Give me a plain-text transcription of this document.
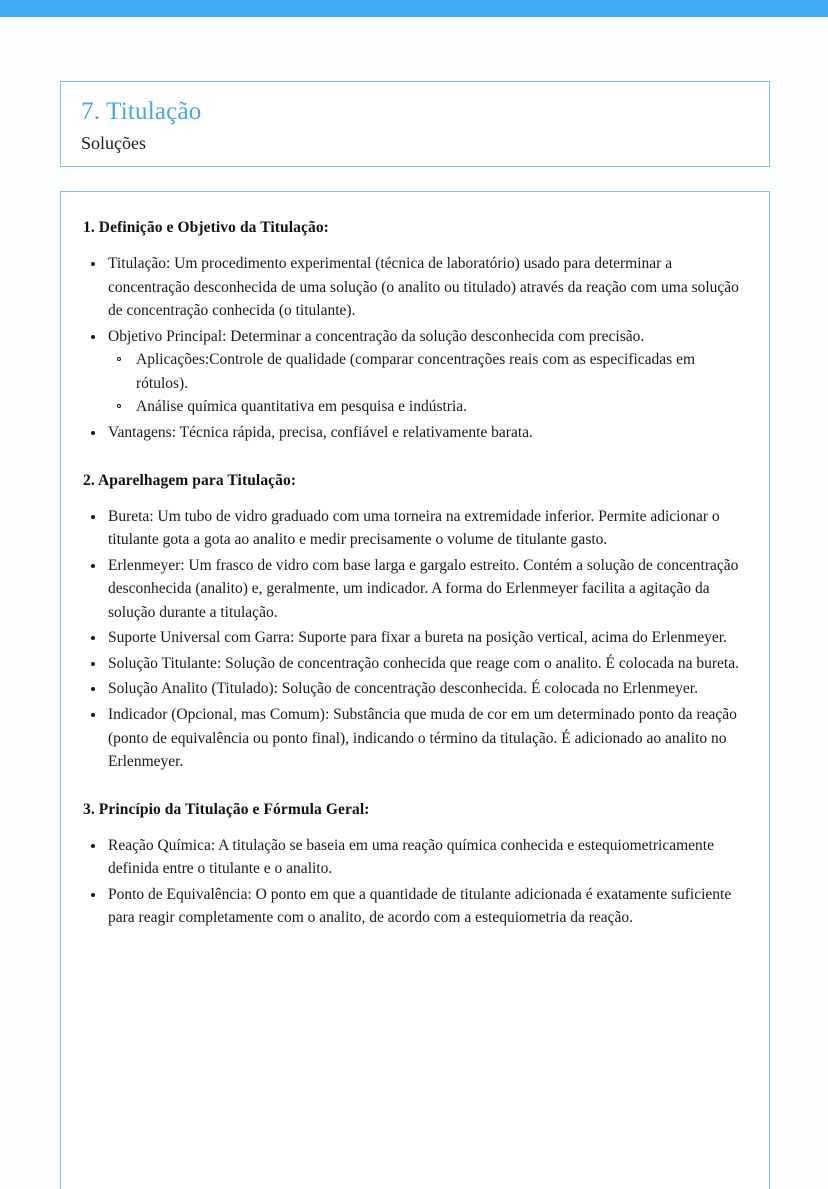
7. Titulação

Soluções

1. Definição e Objetivo da Titulação:
Titulação: Um procedimento experimental (técnica de laboratório) usado para determinar a concentração desconhecida de uma solução (o analito ou titulado) através da reação com uma solução de concentração conhecida (o titulante).
Objetivo Principal: Determinar a concentração da solução desconhecida com precisão.
Aplicações:Controle de qualidade (comparar concentrações reais com as especificadas em rótulos).
Análise química quantitativa em pesquisa e indústria.
Vantagens: Técnica rápida, precisa, confiável e relativamente barata.
2. Aparelhagem para Titulação:
Bureta: Um tubo de vidro graduado com uma torneira na extremidade inferior. Permite adicionar o titulante gota a gota ao analito e medir precisamente o volume de titulante gasto.
Erlenmeyer: Um frasco de vidro com base larga e gargalo estreito. Contém a solução de concentração desconhecida (analito) e, geralmente, um indicador. A forma do Erlenmeyer facilita a agitação da solução durante a titulação.
Suporte Universal com Garra: Suporte para fixar a bureta na posição vertical, acima do Erlenmeyer.
Solução Titulante: Solução de concentração conhecida que reage com o analito. É colocada na bureta.
Solução Analito (Titulado): Solução de concentração desconhecida. É colocada no Erlenmeyer.
Indicador (Opcional, mas Comum): Substância que muda de cor em um determinado ponto da reação (ponto de equivalência ou ponto final), indicando o término da titulação. É adicionado ao analito no Erlenmeyer.
3. Princípio da Titulação e Fórmula Geral:
Reação Química: A titulação se baseia em uma reação química conhecida e estequiometricamente definida entre o titulante e o analito.
Ponto de Equivalência: O ponto em que a quantidade de titulante adicionada é exatamente suficiente para reagir completamente com o analito, de acordo com a estequiometria da reação.
